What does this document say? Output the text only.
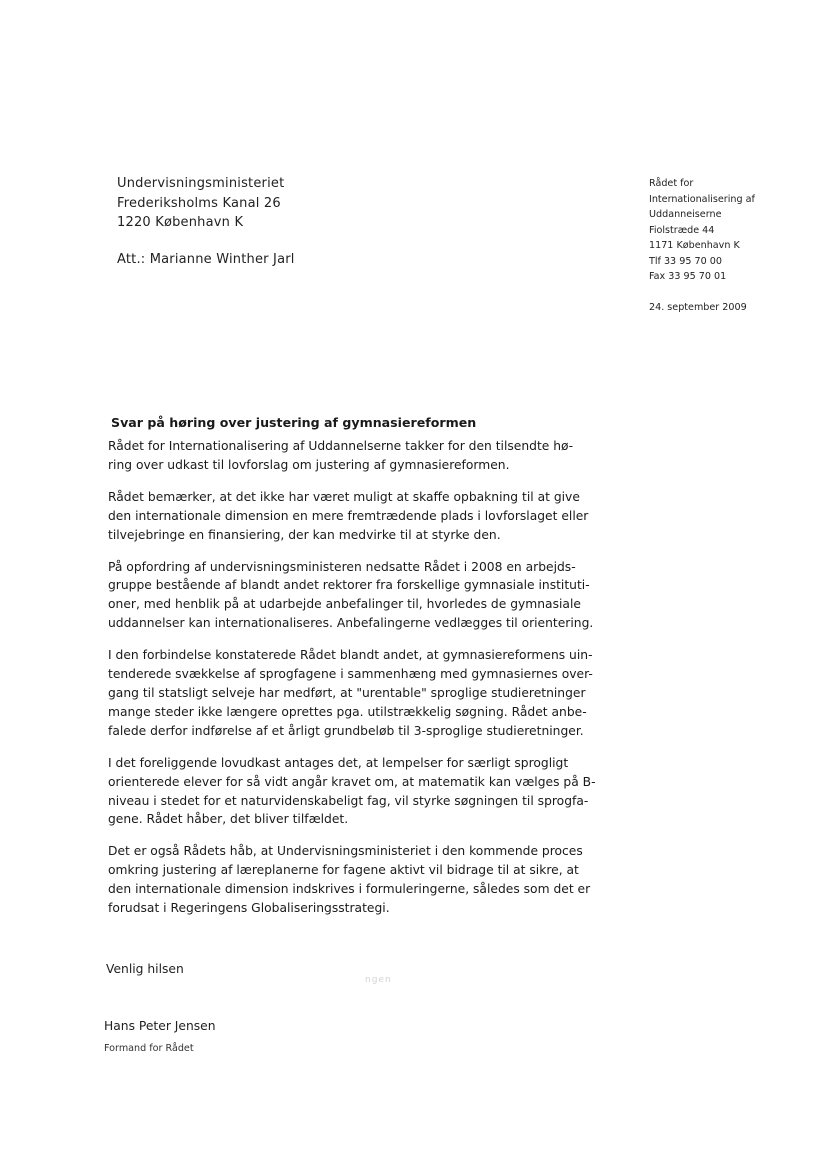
Undervisningsministeriet
Frederiksholms Kanal 26
1220 København K
Att.: Marianne Winther Jarl
Rådet for
Internationalisering af
Uddanneiserne
Fiolstræde 44
1171 København K
Tlf 33 95 70 00
Fax 33 95 70 01
24. september 2009
Svar på høring over justering af gymnasiereformen
Rådet for Internationalisering af Uddannelserne takker for den tilsendte hø-
ring over udkast til lovforslag om justering af gymnasiereformen.
Rådet bemærker, at det ikke har været muligt at skaffe opbakning til at give
den internationale dimension en mere fremtrædende plads i lovforslaget eller
tilvejebringe en finansiering, der kan medvirke til at styrke den.
På opfordring af undervisningsministeren nedsatte Rådet i 2008 en arbejds-
gruppe bestående af blandt andet rektorer fra forskellige gymnasiale instituti-
oner, med henblik på at udarbejde anbefalinger til, hvorledes de gymnasiale
uddannelser kan internationaliseres. Anbefalingerne vedlægges til orientering.
I den forbindelse konstaterede Rådet blandt andet, at gymnasiereformens uin-
tenderede svækkelse af sprogfagene i sammenhæng med gymnasiernes over-
gang til statsligt selveje har medført, at "urentable" sproglige studieretninger
mange steder ikke længere oprettes pga. utilstrækkelig søgning. Rådet anbe-
falede derfor indførelse af et årligt grundbeløb til 3-sproglige studieretninger.
I det foreliggende lovudkast antages det, at lempelser for særligt sprogligt
orienterede elever for så vidt angår kravet om, at matematik kan vælges på B-
niveau i stedet for et naturvidenskabeligt fag, vil styrke søgningen til sprogfa-
gene. Rådet håber, det bliver tilfældet.
Det er også Rådets håb, at Undervisningsministeriet i den kommende proces
omkring justering af læreplanerne for fagene aktivt vil bidrage til at sikre, at
den internationale dimension indskrives i formuleringerne, således som det er
forudsat i Regeringens Globaliseringsstrategi.
Venlig hilsen
ngen
Hans Peter Jensen
Formand for Rådet
